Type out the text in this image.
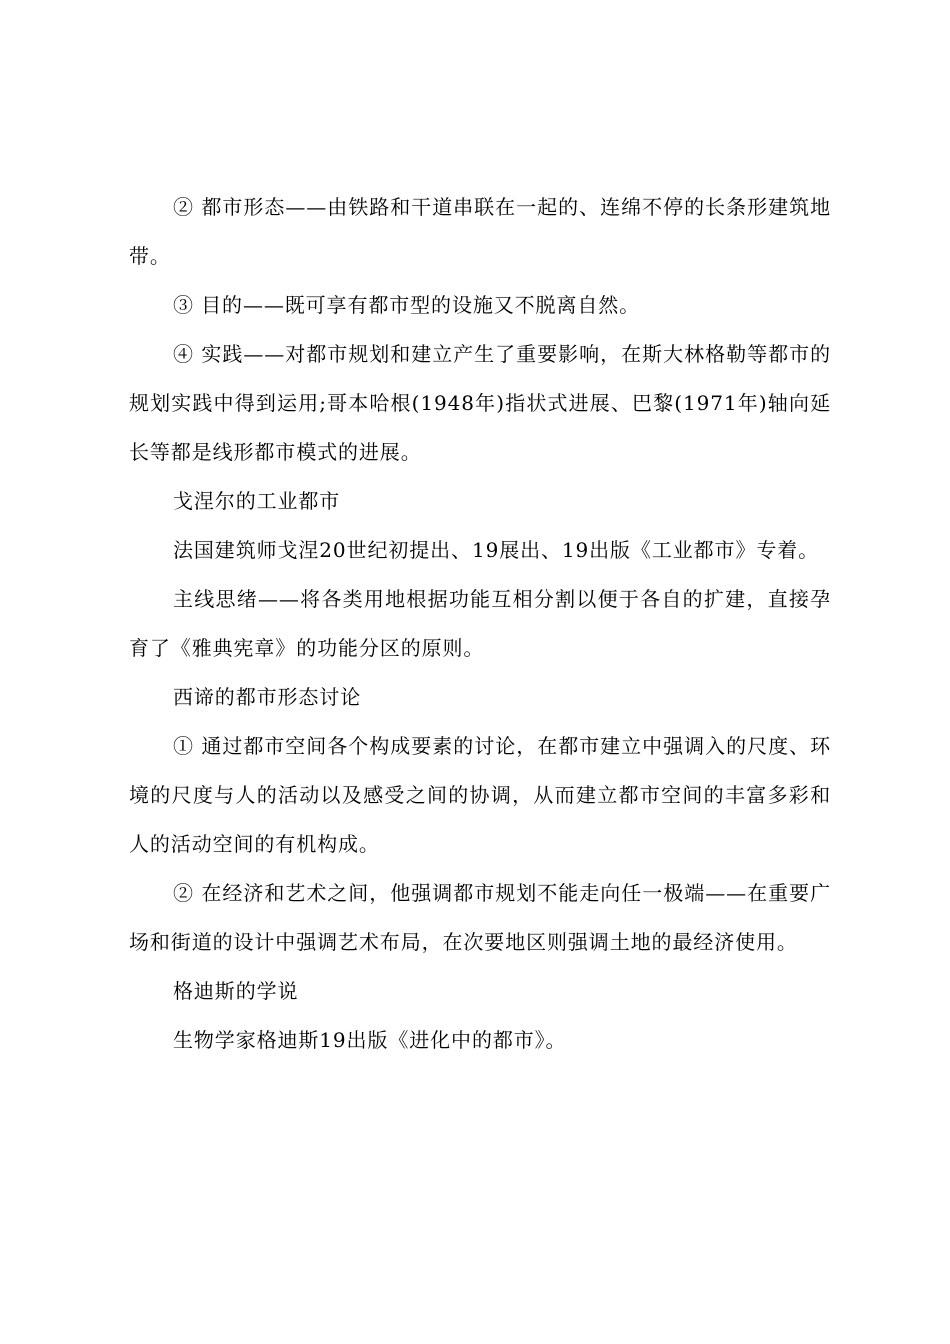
② 都市形态——由铁路和干道串联在一起的、连绵不停的长条形建筑地带。

③ 目的——既可享有都市型的设施又不脱离自然。

④ 实践——对都市规划和建立产生了重要影响，在斯大林格勒等都市的规划实践中得到运用;哥本哈根(1948年)指状式进展、巴黎(1971年)轴向延长等都是线形都市模式的进展。

戈涅尔的工业都市

法国建筑师戈涅20世纪初提出、19展出、19出版《工业都市》专着。

主线思绪——将各类用地根据功能互相分割以便于各自的扩建，直接孕育了《雅典宪章》的功能分区的原则。

西谛的都市形态讨论

① 通过都市空间各个构成要素的讨论，在都市建立中强调入的尺度、环境的尺度与人的活动以及感受之间的协调，从而建立都市空间的丰富多彩和人的活动空间的有机构成。

② 在经济和艺术之间，他强调都市规划不能走向任一极端——在重要广场和街道的设计中强调艺术布局，在次要地区则强调土地的最经济使用。

格迪斯的学说

生物学家格迪斯19出版《进化中的都市》。
